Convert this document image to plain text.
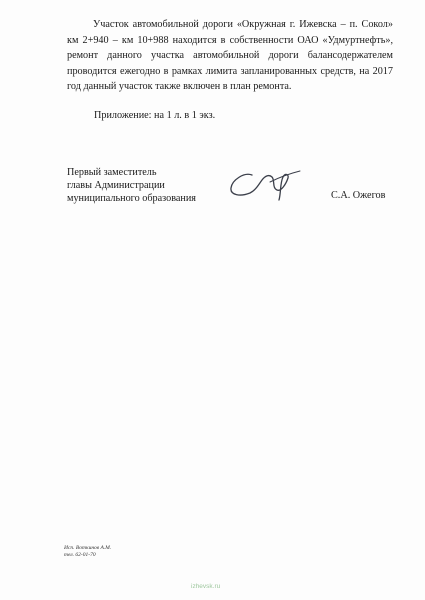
Участок автомобильной дороги «Окружная г. Ижевска – п. Сокол» км 2+940 – км 10+988 находится в собственности ОАО «Удмуртнефть», ремонт данного участка автомобильной дороги балансодержателем проводится ежегодно в рамках лимита запланированных средств, на 2017 год данный участок также включен в план ремонта.

Приложение: на 1 л. в 1 экз.
Первый заместитель
главы Администрации
муниципального образования	С.А. Ожегов
Исп. Воткинов А.М.
тел. 62-01-70
izhevsk.ru
